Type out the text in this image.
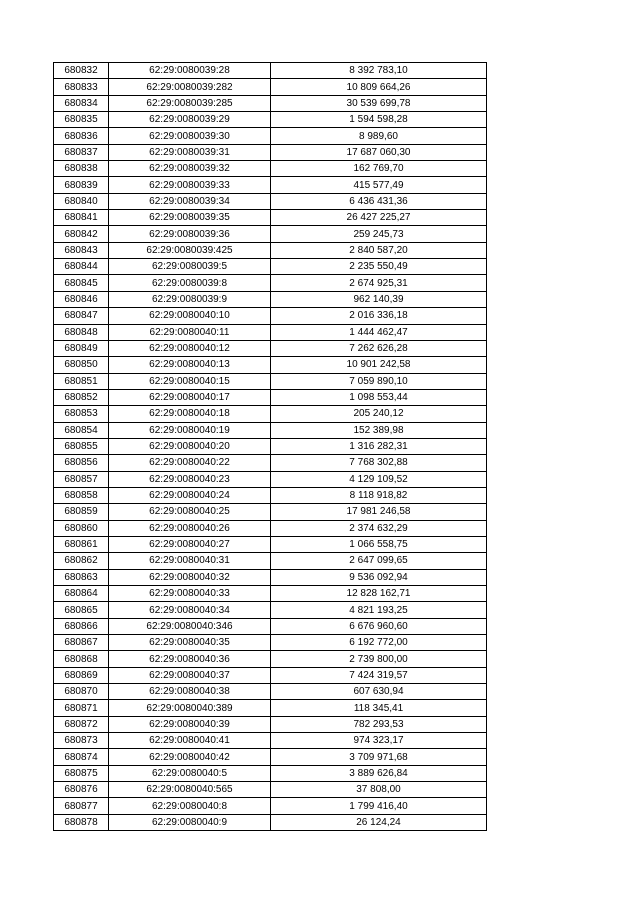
680832	62:29:0080039:28	8 392 783,10
680833	62:29:0080039:282	10 809 664,26
680834	62:29:0080039:285	30 539 699,78
680835	62:29:0080039:29	1 594 598,28
680836	62:29:0080039:30	8 989,60
680837	62:29:0080039:31	17 687 060,30
680838	62:29:0080039:32	162 769,70
680839	62:29:0080039:33	415 577,49
680840	62:29:0080039:34	6 436 431,36
680841	62:29:0080039:35	26 427 225,27
680842	62:29:0080039:36	259 245,73
680843	62:29:0080039:425	2 840 587,20
680844	62:29:0080039:5	2 235 550,49
680845	62:29:0080039:8	2 674 925,31
680846	62:29:0080039:9	962 140,39
680847	62:29:0080040:10	2 016 336,18
680848	62:29:0080040:11	1 444 462,47
680849	62:29:0080040:12	7 262 626,28
680850	62:29:0080040:13	10 901 242,58
680851	62:29:0080040:15	7 059 890,10
680852	62:29:0080040:17	1 098 553,44
680853	62:29:0080040:18	205 240,12
680854	62:29:0080040:19	152 389,98
680855	62:29:0080040:20	1 316 282,31
680856	62:29:0080040:22	7 768 302,88
680857	62:29:0080040:23	4 129 109,52
680858	62:29:0080040:24	8 118 918,82
680859	62:29:0080040:25	17 981 246,58
680860	62:29:0080040:26	2 374 632,29
680861	62:29:0080040:27	1 066 558,75
680862	62:29:0080040:31	2 647 099,65
680863	62:29:0080040:32	9 536 092,94
680864	62:29:0080040:33	12 828 162,71
680865	62:29:0080040:34	4 821 193,25
680866	62:29:0080040:346	6 676 960,60
680867	62:29:0080040:35	6 192 772,00
680868	62:29:0080040:36	2 739 800,00
680869	62:29:0080040:37	7 424 319,57
680870	62:29:0080040:38	607 630,94
680871	62:29:0080040:389	118 345,41
680872	62:29:0080040:39	782 293,53
680873	62:29:0080040:41	974 323,17
680874	62:29:0080040:42	3 709 971,68
680875	62:29:0080040:5	3 889 626,84
680876	62:29:0080040:565	37 808,00
680877	62:29:0080040:8	1 799 416,40
680878	62:29:0080040:9	26 124,24
